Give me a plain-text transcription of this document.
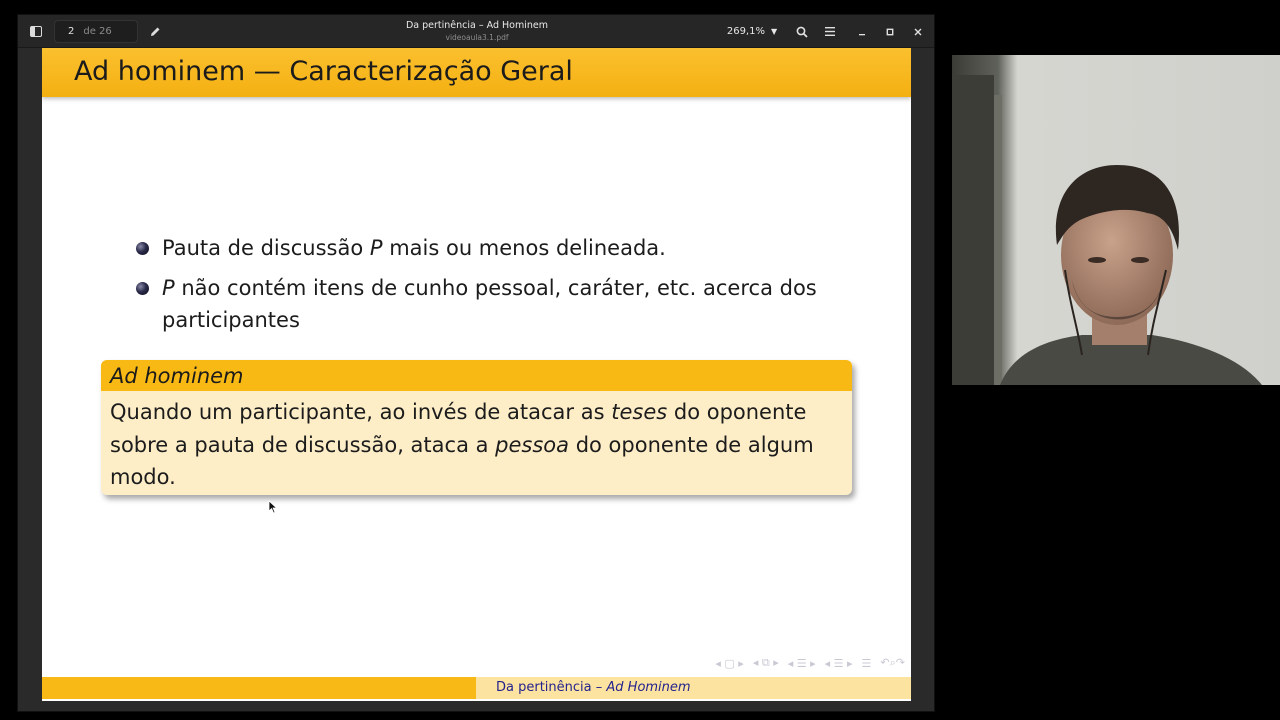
2 de 26
Da pertinência – Ad Hominem
videoaula3.1.pdf
269,1% ▼
Ad hominem — Caracterização Geral
Pauta de discussão P mais ou menos delineada.
P não contém itens de cunho pessoal, caráter, etc. acerca dos
participantes
Ad hominem
Quando um participante, ao invés de atacar as teses do oponente
sobre a pauta de discussão, ataca a pessoa do oponente de algum
modo.
◂ ▢ ▸ ◂ ⧉ ▸ ◂ ☰ ▸ ◂ ☰ ▸ ☰ ↶⌕↷
Da pertinência – Ad Hominem
